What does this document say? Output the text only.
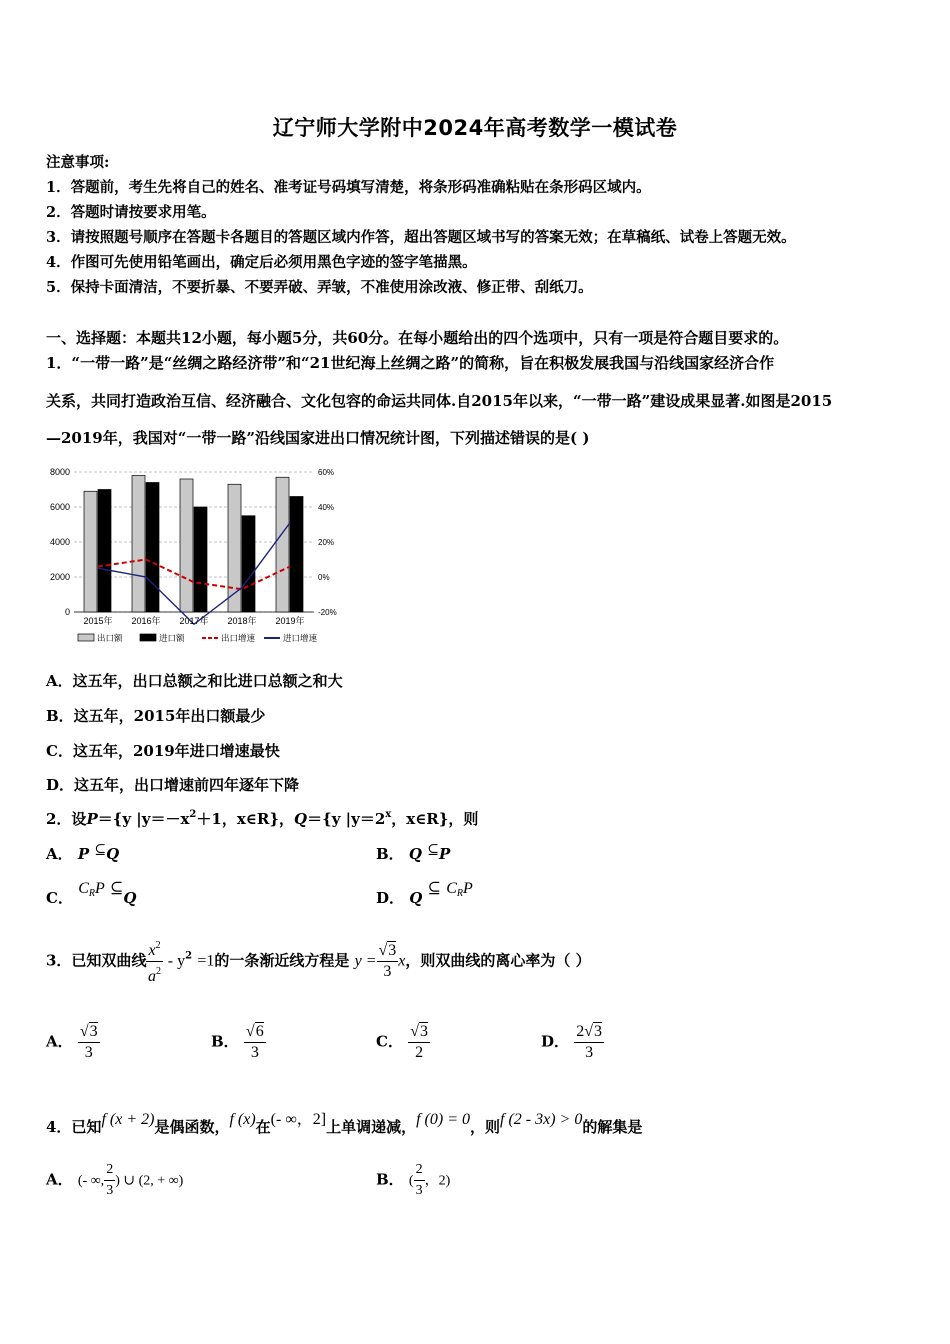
辽宁师大学附中2024年高考数学一模试卷
注意事项:
1．答题前，考生先将自己的姓名、准考证号码填写清楚，将条形码准确粘贴在条形码区域内。
2．答题时请按要求用笔。
3．请按照题号顺序在答题卡各题目的答题区域内作答，超出答题区域书写的答案无效；在草稿纸、试卷上答题无效。
4．作图可先使用铅笔画出，确定后必须用黑色字迹的签字笔描黑。
5．保持卡面清洁，不要折暴、不要弄破、弄皱，不准使用涂改液、修正带、刮纸刀。
一、选择题：本题共12小题，每小题5分，共60分。在每小题给出的四个选项中，只有一项是符合题目要求的。
1．“一带一路”是“丝绸之路经济带”和“21世纪海上丝绸之路”的简称，旨在积极发展我国与沿线国家经济合作
关系，共同打造政治互信、经济融合、文化包容的命运共同体.自2015年以来，“一带一路”建设成果显著.如图是2015
—2019年，我国对“一带一路”沿线国家进出口情况统计图，下列描述错误的是( )
0
2000
4000
6000
8000
-20%
0%
20%
40%
60%
2015年 2016年 2017年 2018年 2019年
出口额	进口额	出口增速	进口增速
A．这五年，出口总额之和比进口总额之和大
B．这五年，2015年出口额最少
C．这五年，2019年进口增速最快
D．这五年，出口增速前四年逐年下降
2．设P＝{y $|y=-x^2+1$，x∈R}，Q＝{y $|y=2^x$，x∈R}，则
A． P ⊆Q	B． Q ⊆P
C． $C_RP$ ⊆Q	D． Q ⊆ $C_RP$
3．已知双曲线 $\frac{x^2}{a^2} - y^2 =1$的一条渐近线方程是 $y = \frac{√3}{3}$ x，则双曲线的离心率为（ ）
A． $\frac{√3}{3}$	B． $\frac{√6}{3}$	C． $\frac{√3}{2}$	D． $\frac{2√3}{3}$
4．已知f (x + 2)是偶函数，f (x)在(- ∞，2]上单调递减，f (0) = 0，则f (2 - 3x) > 0的解集是
A． (- ∞, $\frac{2}{3}$ ) ∪ (2, + ∞)	B． ( $\frac{2}{3}$ ，2)
